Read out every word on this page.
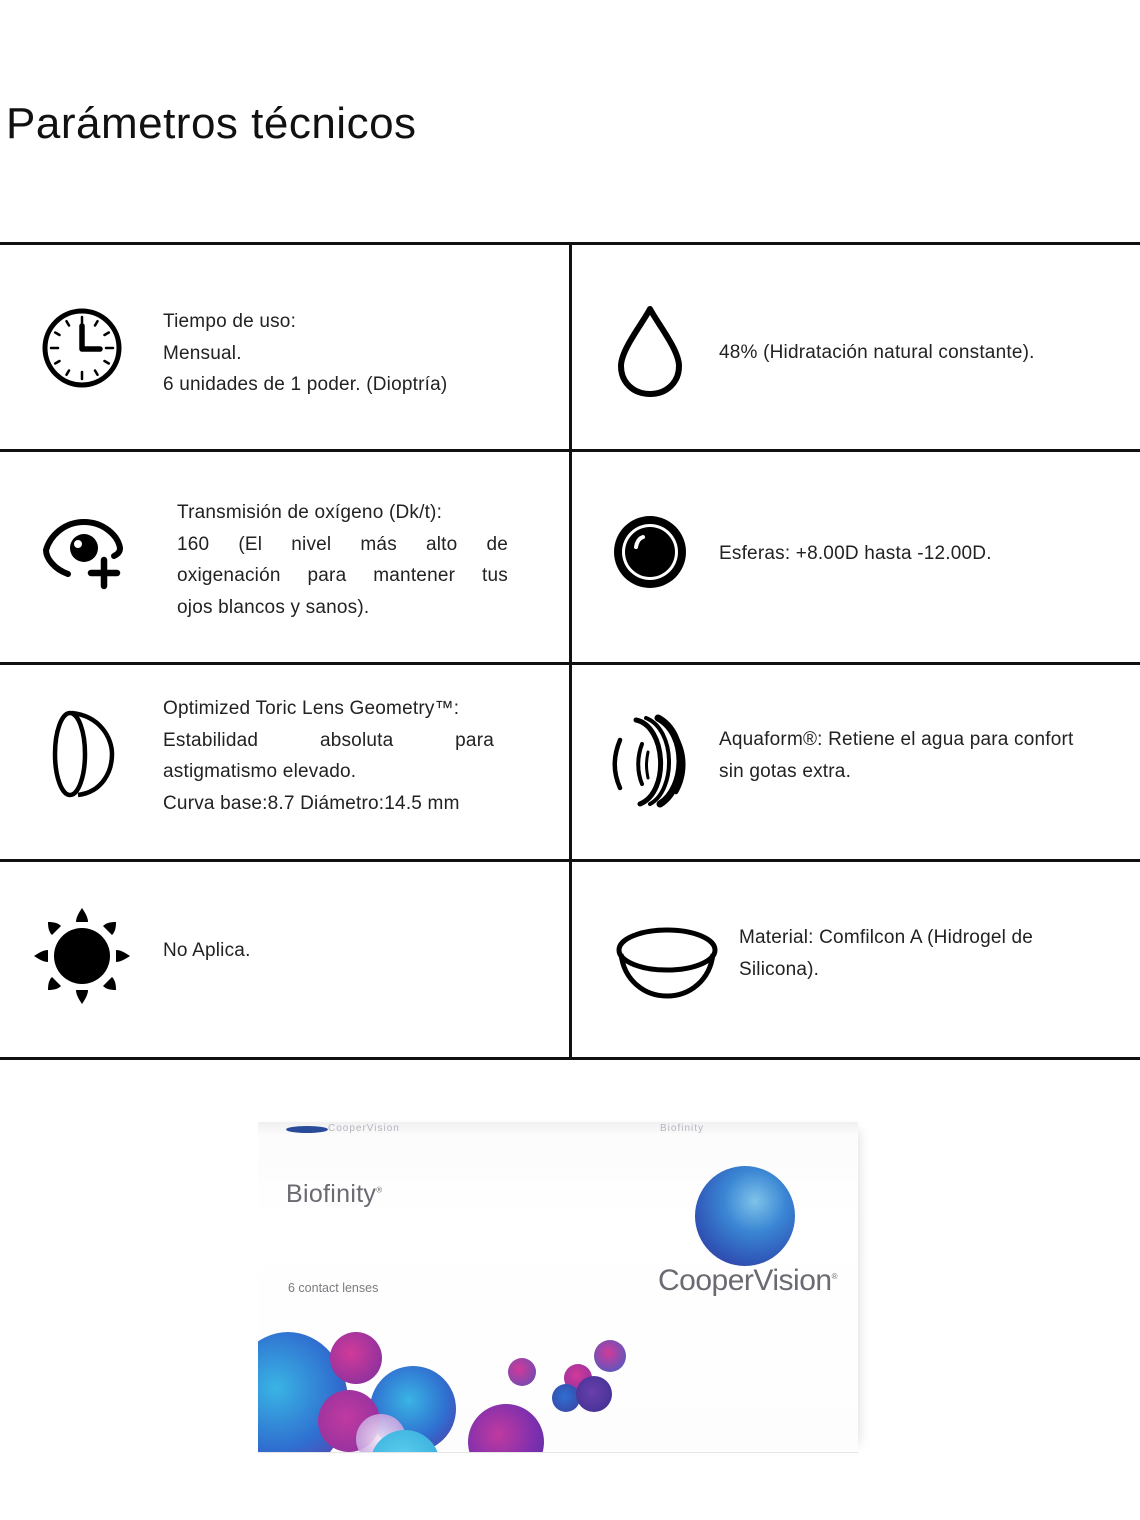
Parámetros técnicos
Tiempo de uso:
Mensual.
6 unidades de 1 poder. (Dioptría)
48% (Hidratación natural constante).
Transmisión de oxígeno (Dk/t):
160 (El nivel más alto de
oxigenación para mantener tus
ojos blancos y sanos).
Esferas: +8.00D hasta -12.00D.
Optimized Toric Lens Geometry™:
Estabilidad absoluta para
astigmatismo elevado.
Curva base:8.7 Diámetro:14.5 mm
Aquaform®: Retiene el agua para confort
sin gotas extra.
No Aplica.
Material: Comfilcon A (Hidrogel de
Silicona).
CooperVision	Biofinity
Biofinity®
6 contact lenses	CooperVision®
